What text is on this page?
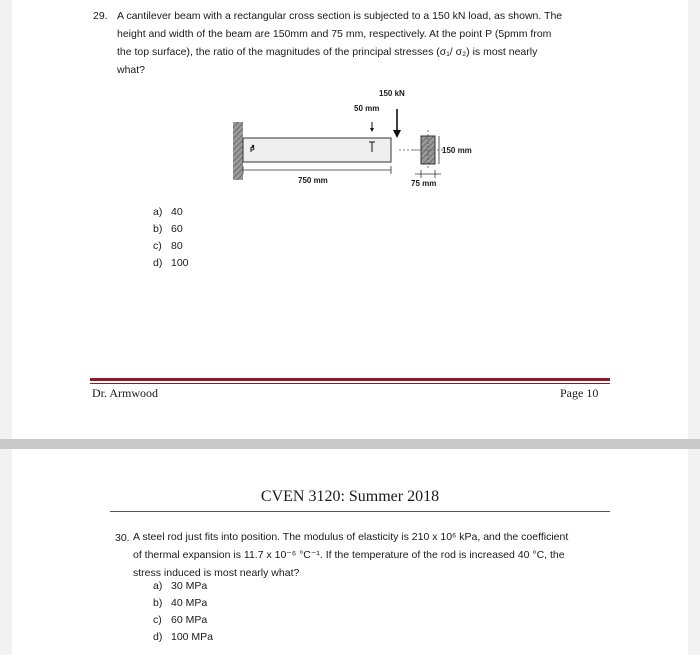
29. A cantilever beam with a rectangular cross section is subjected to a 150 kN load, as shown. The
height and width of the beam are 150mm and 75 mm, respectively. At the point P (5pmm from
the top surface), the ratio of the magnitudes of the principal stresses (σ₁/ σ₂) is most nearly
what?
150 kN
50 mm
P
750 mm
150 mm
75 mm
a) 40
b) 60
c) 80
d) 100
Dr. Armwood	Page 10
CVEN 3120: Summer 2018
30. A steel rod just fits into position. The modulus of elasticity is 210 x 10⁶ kPa, and the coefficient
of thermal expansion is 11.7 x 10⁻⁶ °C⁻¹. If the temperature of the rod is increased 40 °C, the
stress induced is most nearly what?
a) 30 MPa
b) 40 MPa
c) 60 MPa
d) 100 MPa
